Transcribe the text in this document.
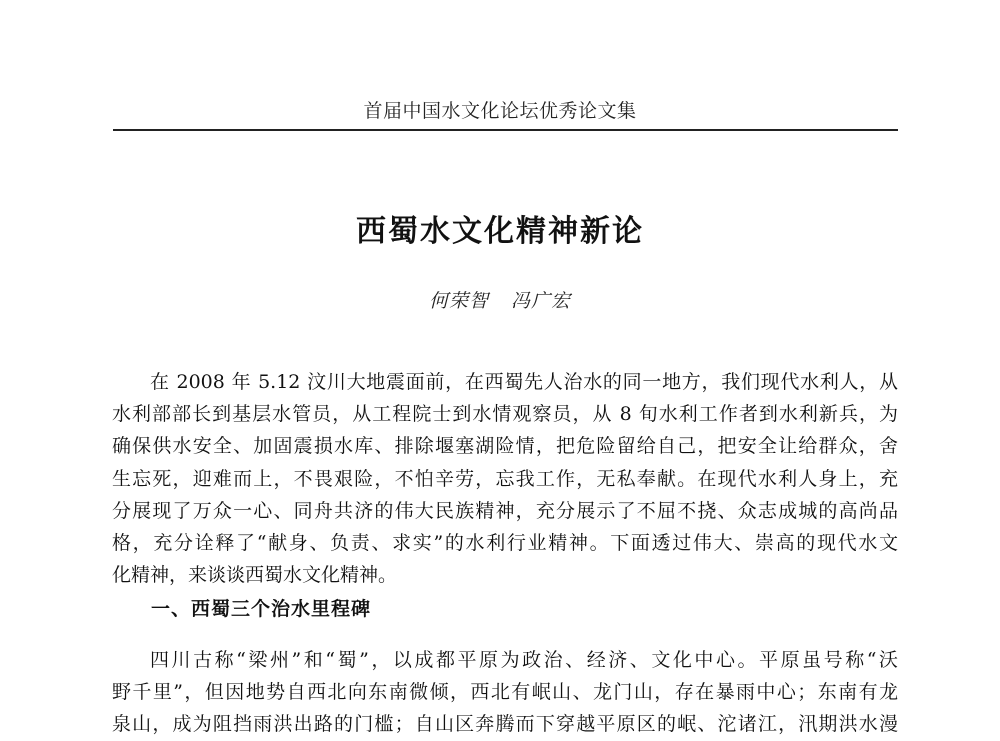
首届中国水文化论坛优秀论文集
西蜀水文化精神新论
何荣智 冯广宏
在 2008 年 5.12 汶川大地震面前，在西蜀先人治水的同一地方，我们现代水利人，从
水利部部长到基层水管员，从工程院士到水情观察员，从 8 旬水利工作者到水利新兵，为
确保供水安全、加固震损水库、排除堰塞湖险情，把危险留给自己，把安全让给群众，舍
生忘死，迎难而上，不畏艰险，不怕辛劳，忘我工作，无私奉献。在现代水利人身上，充
分展现了万众一心、同舟共济的伟大民族精神，充分展示了不屈不挠、众志成城的高尚品
格，充分诠释了“献身、负责、求实”的水利行业精神。下面透过伟大、崇高的现代水文
化精神，来谈谈西蜀水文化精神。
一、西蜀三个治水里程碑
四川古称“梁州”和“蜀”，以成都平原为政治、经济、文化中心。平原虽号称“沃
野千里”，但因地势自西北向东南微倾，西北有岷山、龙门山，存在暴雨中心；东南有龙
泉山，成为阻挡雨洪出路的门槛；自山区奔腾而下穿越平原区的岷、沱诸江，汛期洪水漫
